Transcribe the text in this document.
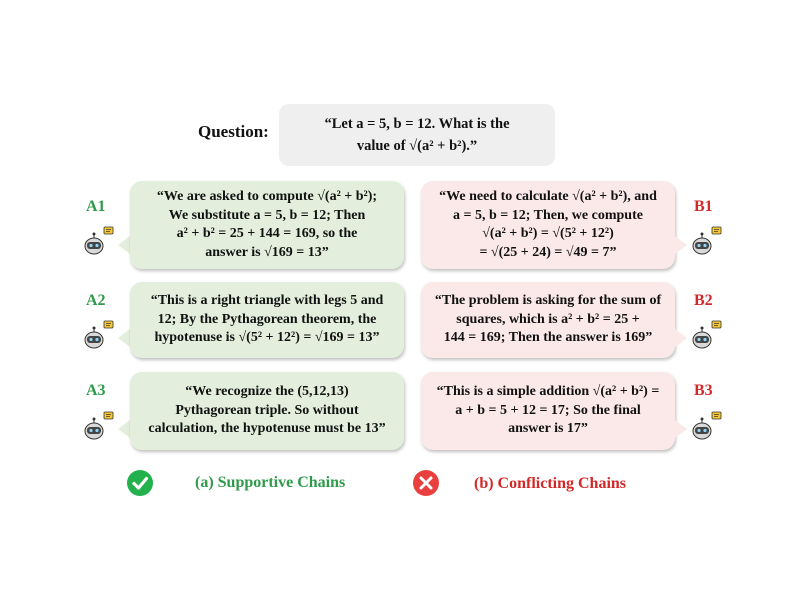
Question:	“Let a = 5, b = 12. What is the
value of √(a² + b²).”
A1
“We are asked to compute √(a² + b²);
We substitute a = 5, b = 12; Then
a² + b² = 25 + 144 = 169, so the
answer is √169 = 13”
A2	“This is a right triangle with legs 5 and
12; By the Pythagorean theorem, the
hypotenuse is √(5² + 12²) = √169 = 13”
A3	“We recognize the (5,12,13)
Pythagorean triple. So without
calculation, the hypotenuse must be 13”
“We need to calculate √(a² + b²), and
a = 5, b = 12; Then, we compute
√(a² + b²) = √(5² + 12²)
= √(25 + 24) = √49 = 7”
B1
“The problem is asking for the sum of
squares, which is a² + b² = 25 +
144 = 169; Then the answer is 169”
B2
“This is a simple addition √(a² + b²) =
a + b = 5 + 12 = 17; So the final
answer is 17”
B3
(a) Supportive Chains	(b) Conflicting Chains
